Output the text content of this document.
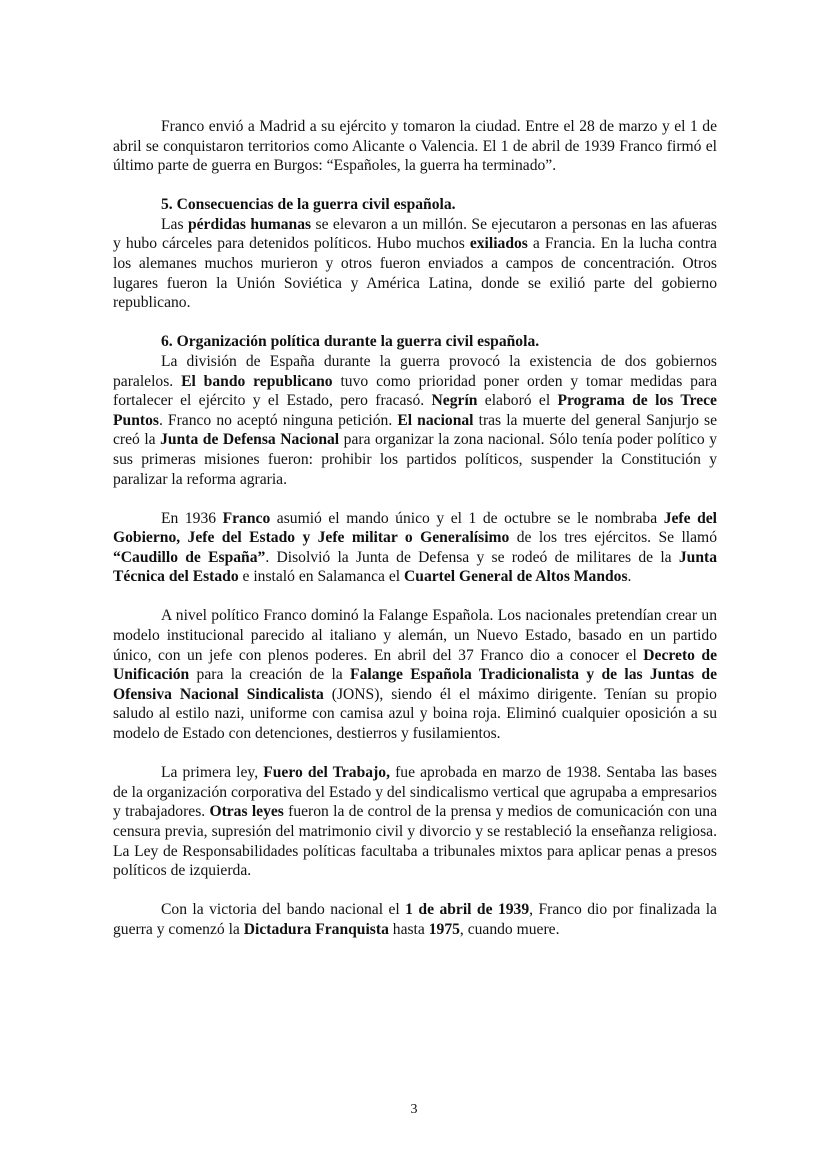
Franco envió a Madrid a su ejército y tomaron la ciudad. Entre el 28 de marzo y el 1 de abril se conquistaron territorios como Alicante o Valencia. El 1 de abril de 1939 Franco firmó el último parte de guerra en Burgos: “Españoles, la guerra ha terminado”.

5. Consecuencias de la guerra civil española.

Las pérdidas humanas se elevaron a un millón. Se ejecutaron a personas en las afueras y hubo cárceles para detenidos políticos. Hubo muchos exiliados a Francia. En la lucha contra los alemanes muchos murieron y otros fueron enviados a campos de concentración. Otros lugares fueron la Unión Soviética y América Latina, donde se exilió parte del gobierno republicano.

6. Organización política durante la guerra civil española.

La división de España durante la guerra provocó la existencia de dos gobiernos paralelos. El bando republicano tuvo como prioridad poner orden y tomar medidas para fortalecer el ejército y el Estado, pero fracasó. Negrín elaboró el Programa de los Trece Puntos. Franco no aceptó ninguna petición. El nacional tras la muerte del general Sanjurjo se creó la Junta de Defensa Nacional para organizar la zona nacional. Sólo tenía poder político y sus primeras misiones fueron: prohibir los partidos políticos, suspender la Constitución y paralizar la reforma agraria.

En 1936 Franco asumió el mando único y el 1 de octubre se le nombraba Jefe del Gobierno, Jefe del Estado y Jefe militar o Generalísimo de los tres ejércitos. Se llamó “Caudillo de España”. Disolvió la Junta de Defensa y se rodeó de militares de la Junta Técnica del Estado e instaló en Salamanca el Cuartel General de Altos Mandos.

A nivel político Franco dominó la Falange Española. Los nacionales pretendían crear un modelo institucional parecido al italiano y alemán, un Nuevo Estado, basado en un partido único, con un jefe con plenos poderes. En abril del 37 Franco dio a conocer el Decreto de Unificación para la creación de la Falange Española Tradicionalista y de las Juntas de Ofensiva Nacional Sindicalista (JONS), siendo él el máximo dirigente. Tenían su propio saludo al estilo nazi, uniforme con camisa azul y boina roja. Eliminó cualquier oposición a su modelo de Estado con detenciones, destierros y fusilamientos.

La primera ley, Fuero del Trabajo, fue aprobada en marzo de 1938. Sentaba las bases de la organización corporativa del Estado y del sindicalismo vertical que agrupaba a empresarios y trabajadores. Otras leyes fueron la de control de la prensa y medios de comunicación con una censura previa, supresión del matrimonio civil y divorcio y se restableció la enseñanza religiosa. La Ley de Responsabilidades políticas facultaba a tribunales mixtos para aplicar penas a presos políticos de izquierda.

Con la victoria del bando nacional el 1 de abril de 1939, Franco dio por finalizada la guerra y comenzó la Dictadura Franquista hasta 1975, cuando muere.

3
